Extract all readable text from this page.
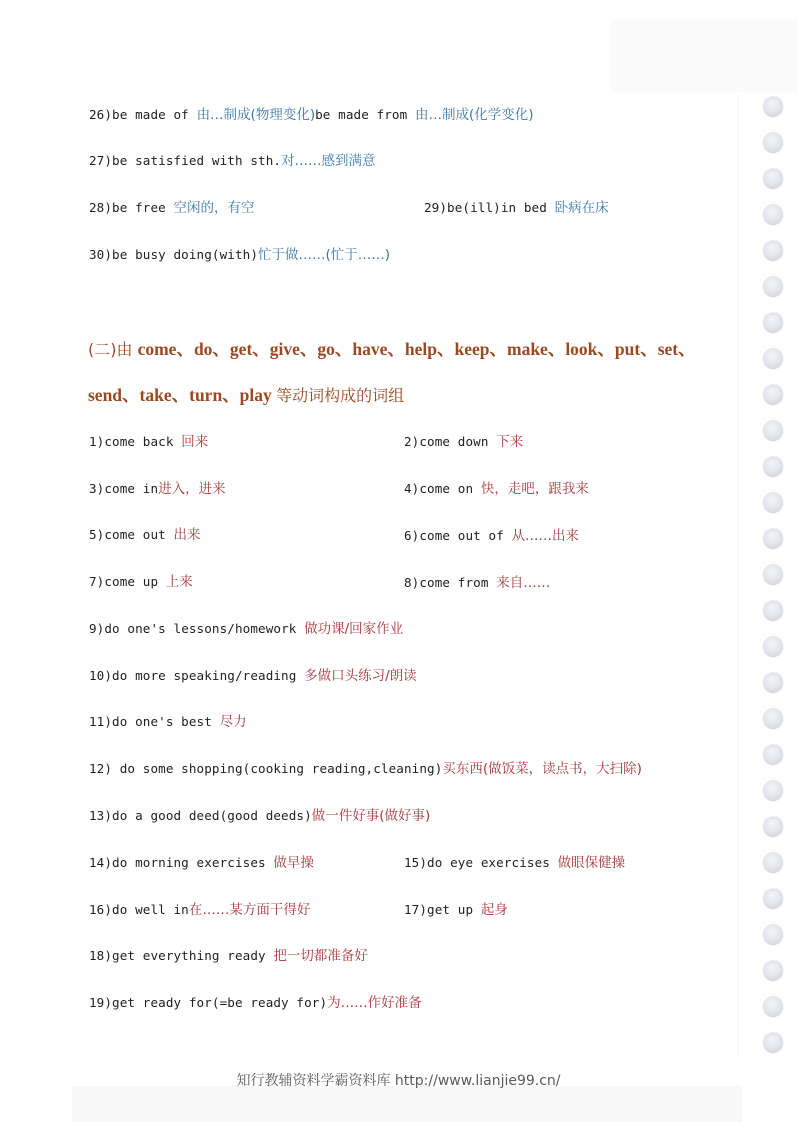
26)be made of 由…制成(物理变化)be made from 由…制成(化学变化)
27)be satisfied with sth.对……感到满意
28)be free 空闲的，有空	29)be(ill)in bed 卧病在床
30)be busy doing(with)忙于做……(忙于……)
(二)由 come、do、get、give、go、have、help、keep、make、look、put、set、
send、take、turn、play 等动词构成的词组
1)come back 回来	2)come down 下来
3)come in进入，进来	4)come on 快，走吧，跟我来
5)come out 出来	6)come out of 从……出来
7)come up 上来	8)come from 来自……
9)do one's lessons/homework 做功课/回家作业
10)do more speaking/reading 多做口头练习/朗读
11)do one's best 尽力
12) do some shopping(cooking reading,cleaning)买东西(做饭菜，读点书，大扫除)
13)do a good deed(good deeds)做一件好事(做好事)
14)do morning exercises 做早操	15)do eye exercises 做眼保健操
16)do well in在……某方面干得好	17)get up 起身
18)get everything ready 把一切都准备好
19)get ready for(=be ready for)为……作好准备
知行教辅资料学霸资料库 http://www.lianjie99.cn/
